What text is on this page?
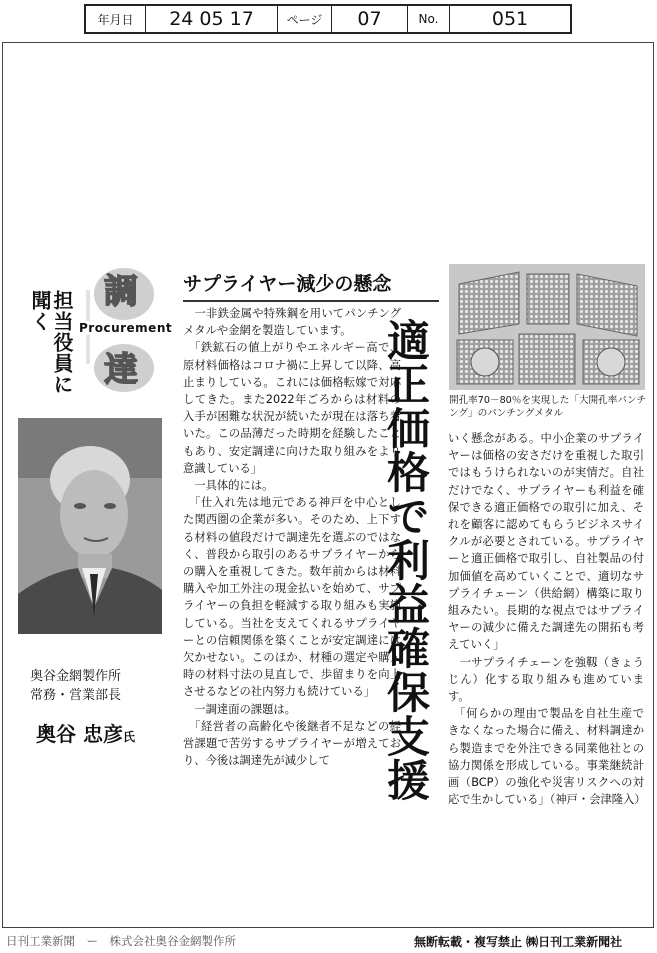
年月日 24 05 17	ページ 07	No.	051
担当役員に
聞く 調
Procurement
達
奥谷金網製作所
常務・営業部長
奥谷 忠彦氏
サプライヤー減少の懸念

　一非鉄金属や特殊鋼を用いてパンチングメタルや金網を製造しています。

　「鉄鉱石の値上がりやエネルギー高で、原材料価格はコロナ禍に上昇して以降、高止まりしている。これには価格転嫁で対応してきた。また2022年ごろからは材料の入手が困難な状況が続いたが現在は落ち着いた。この品薄だった時期を経験したこともあり、安定調達に向けた取り組みをより意識している」

　一具体的には。

　「仕入れ先は地元である神戸を中心とした関西圏の企業が多い。そのため、上下する材料の値段だけで調達先を選ぶのではなく、普段から取引のあるサプライヤーからの購入を重視してきた。数年前からは材料購入や加工外注の現金払いを始めて、サプライヤーの負担を軽減する取り組みも実施している。当社を支えてくれるサプライヤーとの信頼関係を築くことが安定調達には欠かせない。このほか、材種の選定や購入時の材料寸法の見直しで、歩留まりを向上させるなどの社内努力も続けている」

　一調達面の課題は。

　「経営者の高齢化や後継者不足などの経営課題で苦労するサプライヤーが増えており、今後は調達先が減少して	適正価格で利益確保支援 開孔率70－80％を実現した「大開孔率パンチング」のパンチングメタル

いく懸念がある。中小企業のサプライヤーは価格の安さだけを重視した取引ではもうけられないのが実情だ。自社だけでなく、サプライヤーも利益を確保できる適正価格での取引に加え、それを顧客に認めてもらうビジネスサイクルが必要とされている。サプライヤーと適正価格で取引し、自社製品の付加価値を高めていくことで、適切なサプライチェーン（供給網）構築に取り組みたい。長期的な視点ではサプライヤーの減少に備えた調達先の開拓も考えていく」

　一サプライチェーンを強靱（きょうじん）化する取り組みも進めています。

　「何らかの理由で製品を自社生産できなくなった場合に備え、材料調達から製造までを外注できる同業他社との協力関係を形成している。事業継続計画（BCP）の強化や災害リスクへの対応で生かしている」（神戸・会津隆入）

日刊工業新聞　ー　株式会社奥谷金網製作所	無断転載・複写禁止 ㈱日刊工業新聞社
